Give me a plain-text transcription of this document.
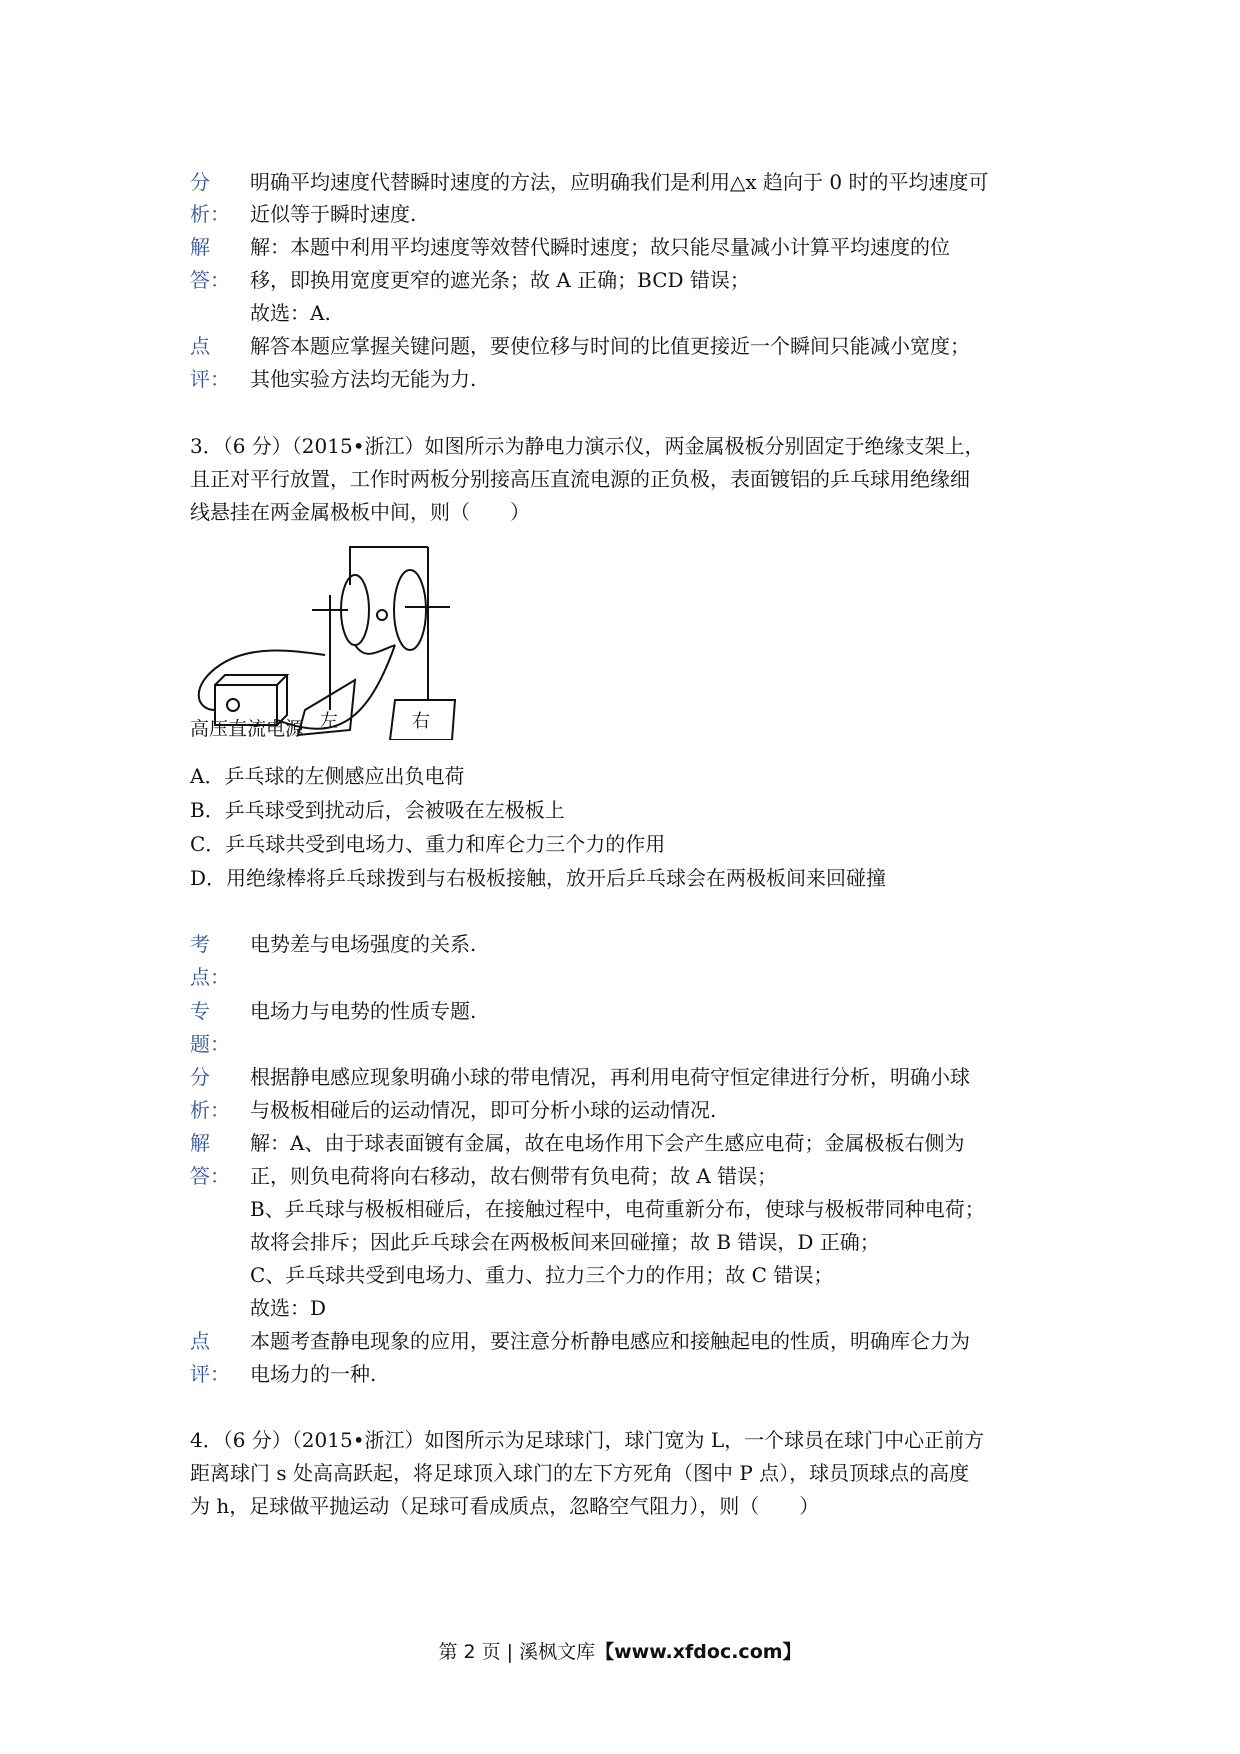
分 明确平均速度代替瞬时速度的方法，应明确我们是利用△x 趋向于 0 时的平均速度可
析： 近似等于瞬时速度.
解 解：本题中利用平均速度等效替代瞬时速度；故只能尽量减小计算平均速度的位
答： 移，即换用宽度更窄的遮光条；故 A 正确；BCD 错误；
故选：A.
点 解答本题应掌握关键问题，要使位移与时间的比值更接近一个瞬间只能减小宽度；
评： 其他实验方法均无能为力.
3．（6 分）（2015•浙江）如图所示为静电力演示仪，两金属极板分别固定于绝缘支架上，
且正对平行放置，工作时两板分别接高压直流电源的正负极，表面镀铝的乒乓球用绝缘细
线悬挂在两金属极板中间，则（　　）
左	右
高压直流电源
A．乒乓球的左侧感应出负电荷
B．乒乓球受到扰动后，会被吸在左极板上
C．乒乓球共受到电场力、重力和库仑力三个力的作用
D．用绝缘棒将乒乓球拨到与右极板接触，放开后乒乓球会在两极板间来回碰撞
考 电势差与电场强度的关系.
点：
专 电场力与电势的性质专题.
题：
分 根据静电感应现象明确小球的带电情况，再利用电荷守恒定律进行分析，明确小球
析： 与极板相碰后的运动情况，即可分析小球的运动情况.
解 解：A、由于球表面镀有金属，故在电场作用下会产生感应电荷；金属极板右侧为
答： 正，则负电荷将向右移动，故右侧带有负电荷；故 A 错误；
B、乒乓球与极板相碰后，在接触过程中，电荷重新分布，使球与极板带同种电荷；
故将会排斥；因此乒乓球会在两极板间来回碰撞；故 B 错误，D 正确；
C、乒乓球共受到电场力、重力、拉力三个力的作用；故 C 错误；
故选：D
点 本题考查静电现象的应用，要注意分析静电感应和接触起电的性质，明确库仑力为
评： 电场力的一种.
4．（6 分）（2015•浙江）如图所示为足球球门，球门宽为 L，一个球员在球门中心正前方
距离球门 s 处高高跃起，将足球顶入球门的左下方死角（图中 P 点），球员顶球点的高度
为 h，足球做平抛运动（足球可看成质点，忽略空气阻力），则（　　）
第 2 页 | 溪枫文库【www.xfdoc.com】
